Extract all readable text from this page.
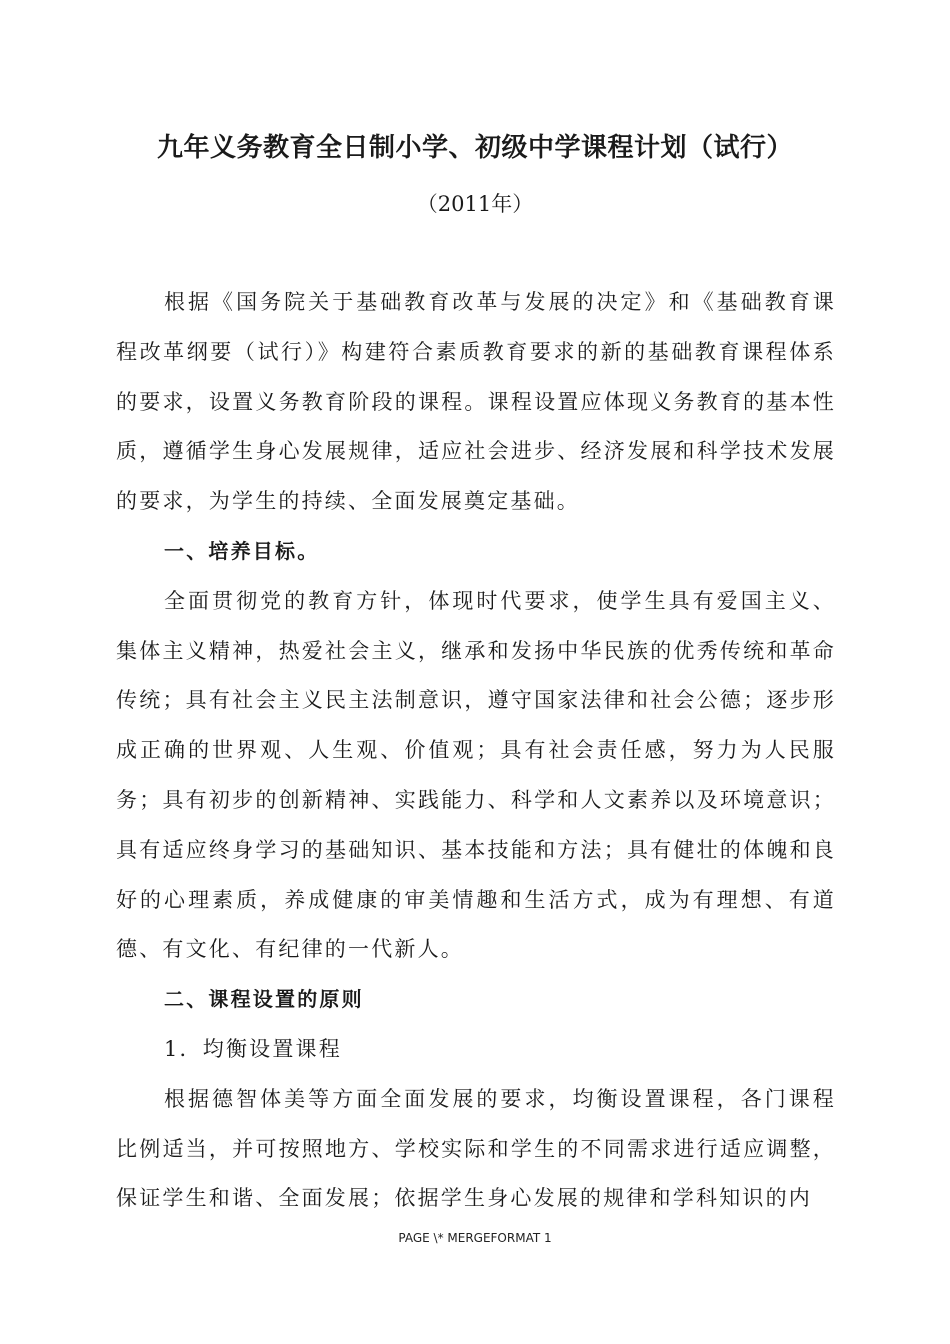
九年义务教育全日制小学、初级中学课程计划（试行）
（2011年）

根据《国务院关于基础教育改革与发展的决定》和《基础教育课程改革纲要（试行）》构建符合素质教育要求的新的基础教育课程体系的要求，设置义务教育阶段的课程。课程设置应体现义务教育的基本性质，遵循学生身心发展规律，适应社会进步、经济发展和科学技术发展的要求，为学生的持续、全面发展奠定基础。

一、培养目标。

全面贯彻党的教育方针，体现时代要求，使学生具有爱国主义、集体主义精神，热爱社会主义，继承和发扬中华民族的优秀传统和革命传统；具有社会主义民主法制意识，遵守国家法律和社会公德；逐步形成正确的世界观、人生观、价值观；具有社会责任感，努力为人民服务；具有初步的创新精神、实践能力、科学和人文素养以及环境意识；具有适应终身学习的基础知识、基本技能和方法；具有健壮的体魄和良好的心理素质，养成健康的审美情趣和生活方式，成为有理想、有道德、有文化、有纪律的一代新人。

二、课程设置的原则

1．均衡设置课程

根据德智体美等方面全面发展的要求，均衡设置课程，各门课程比例适当，并可按照地方、学校实际和学生的不同需求进行适应调整，保证学生和谐、全面发展；依据学生身心发展的规律和学科知识的内

PAGE \* MERGEFORMAT 1
